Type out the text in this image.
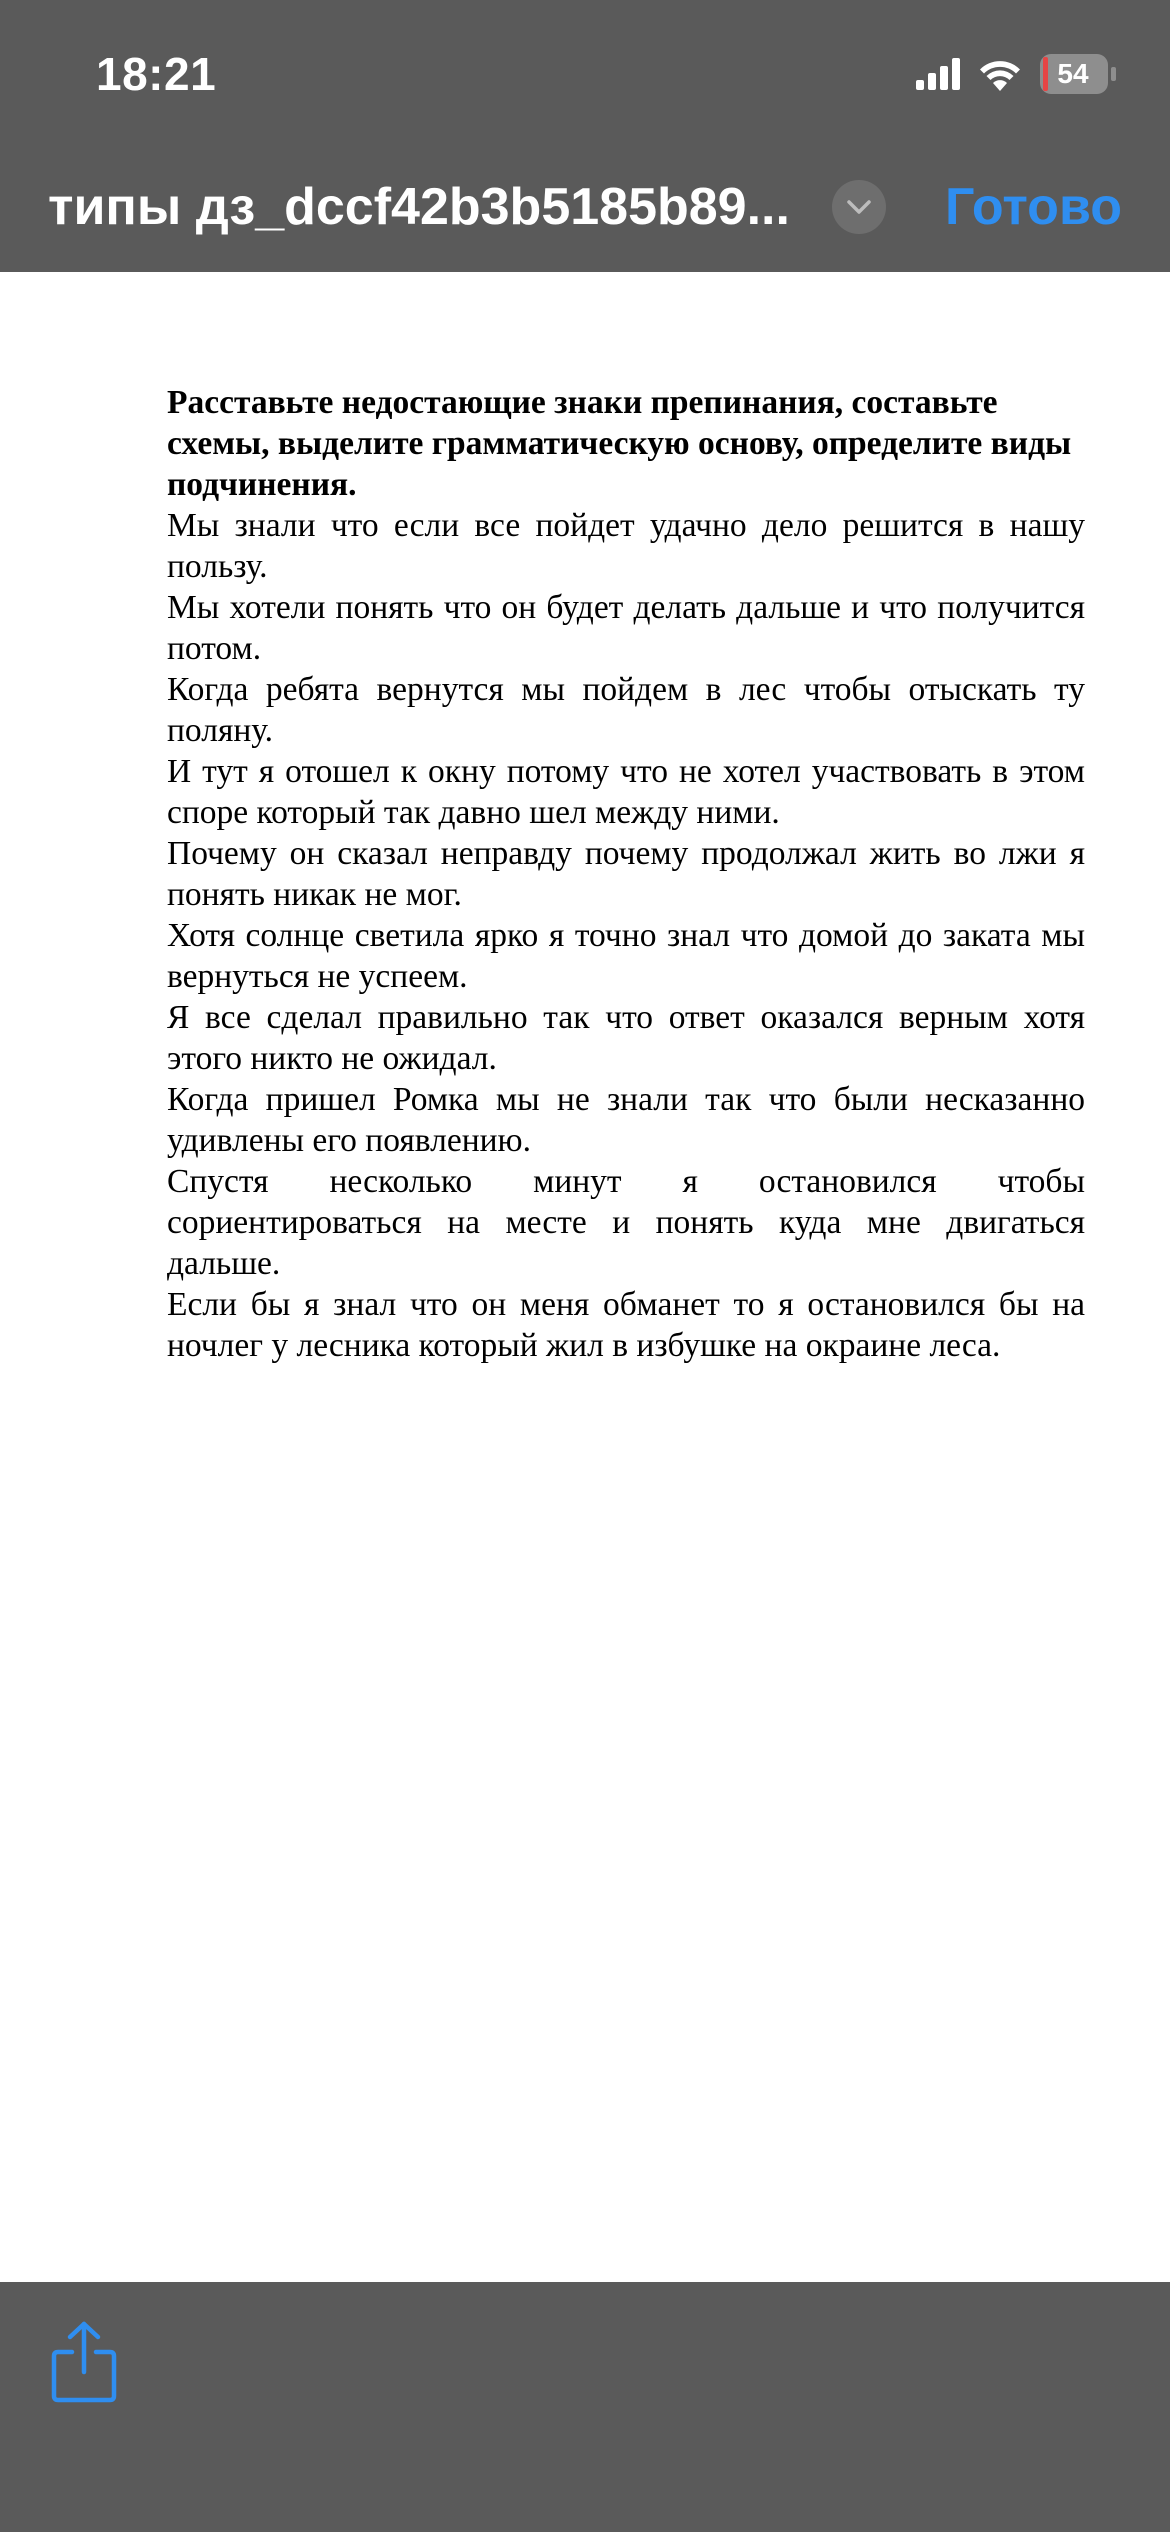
18:21	54
типы дз_dccf42b3b5185b89...	Готово

Расставьте недостающие знаки препинания, составьте схемы, выделите грамматическую основу, определите виды подчинения.

Мы знали что если все пойдет удачно дело решится в нашу пользу.

Мы хотели понять что он будет делать дальше и что получится потом.

Когда ребята вернутся мы пойдем в лес чтобы отыскать ту поляну.

И тут я отошел к окну потому что не хотел участвовать в этом споре который так давно шел между ними.

Почему он сказал неправду почему продолжал жить во лжи я понять никак не мог.

Хотя солнце светила ярко я точно знал что домой до заката мы вернуться не успеем.

Я все сделал правильно так что ответ оказался верным хотя этого никто не ожидал.

Когда пришел Ромка мы не знали так что были несказанно удивлены его появлению.

Спустя несколько минут я остановился чтобы сориентироваться на месте и понять куда мне двигаться дальше.

Если бы я знал что он меня обманет то я остановился бы на ночлег у лесника который жил в избушке на окраине леса.
